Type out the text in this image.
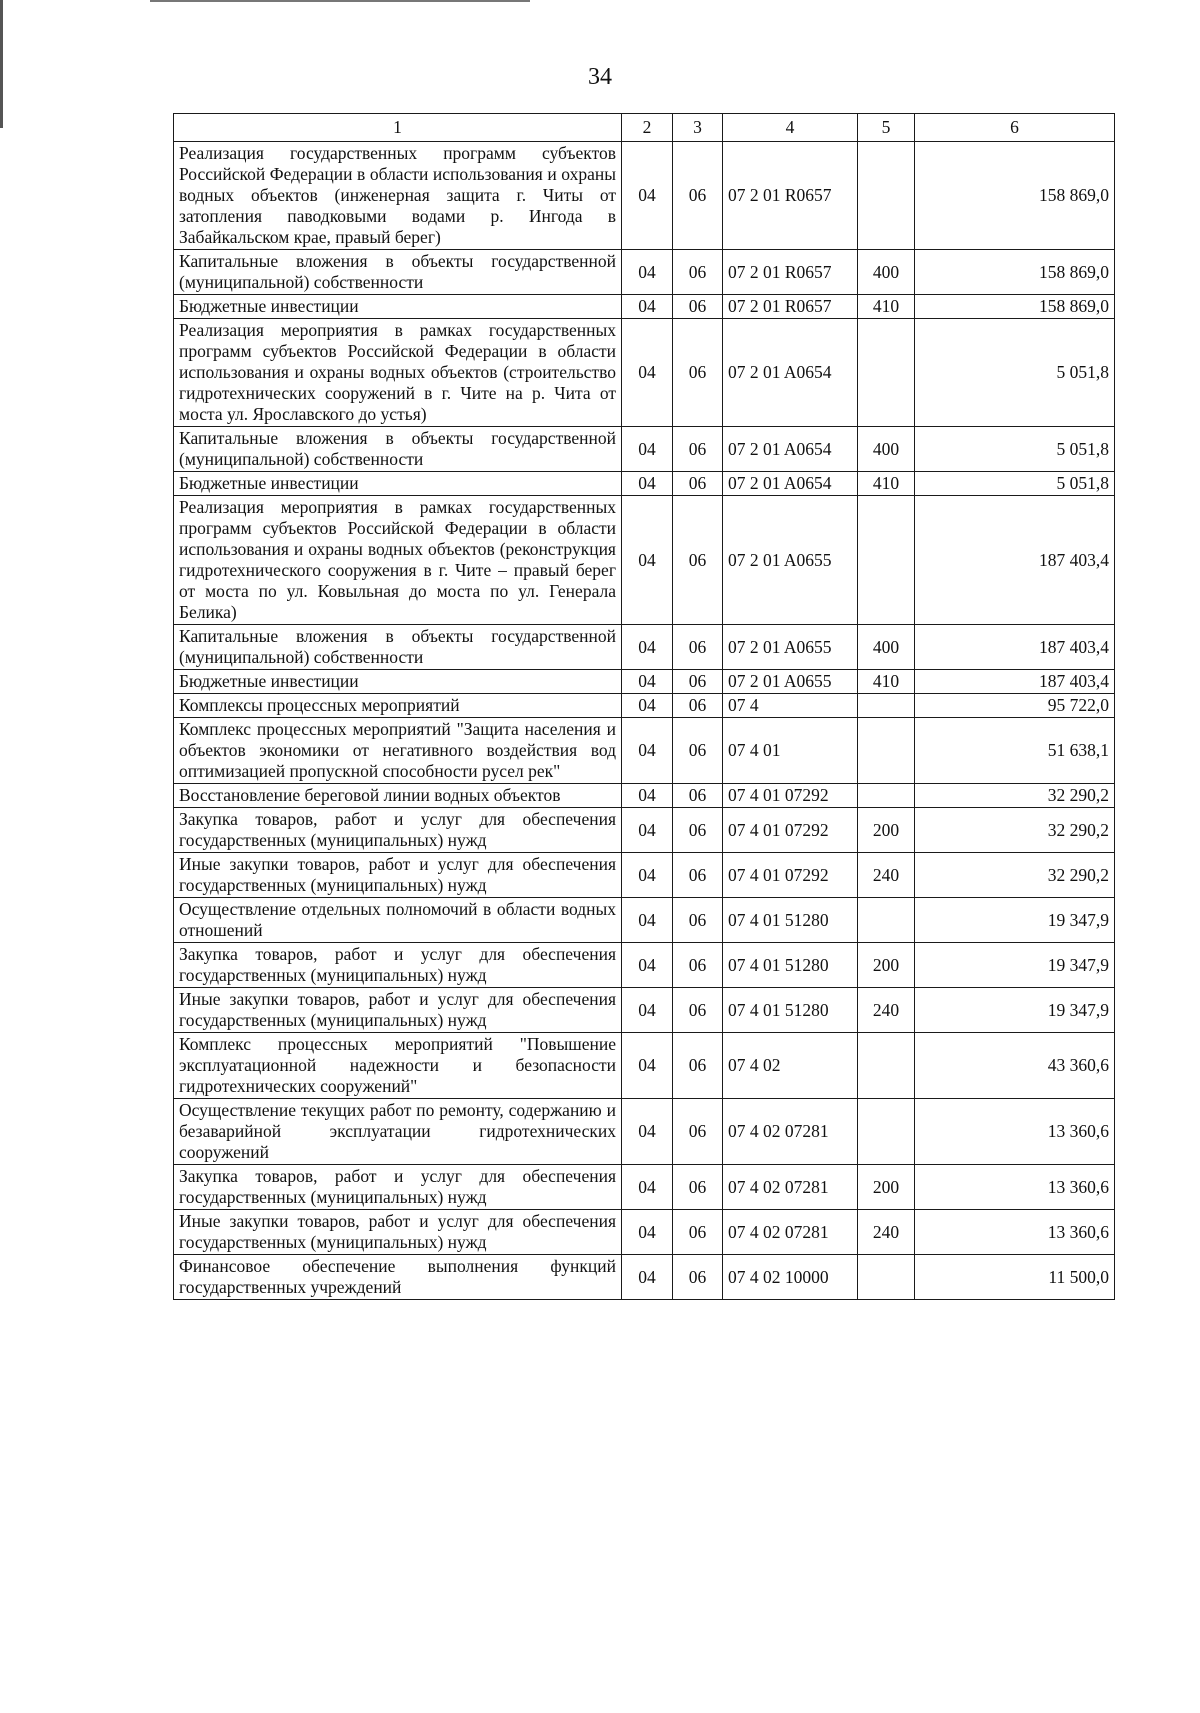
34
1	2	3	4	5	6
Реализация государственных программ субъектов Российской Федерации в области использования и охраны водных объектов (инженерная защита г. Читы от затопления паводковыми водами р. Ингода в Забайкальском крае, правый берег)	04	06	07 2 01 R0657		158 869,0
Капитальные вложения в объекты государственной (муниципальной) собственности	04	06	07 2 01 R0657	400	158 869,0
Бюджетные инвестиции	04	06	07 2 01 R0657	410	158 869,0
Реализация мероприятия в рамках государственных программ субъектов Российской Федерации в области использования и охраны водных объектов (строительство гидротехнических сооружений в г. Чите на р. Чита от моста ул. Ярославского до устья)	04	06	07 2 01 A0654		5 051,8
Капитальные вложения в объекты государственной (муниципальной) собственности	04	06	07 2 01 A0654	400	5 051,8
Бюджетные инвестиции	04	06	07 2 01 A0654	410	5 051,8
Реализация мероприятия в рамках государственных программ субъектов Российской Федерации в области использования и охраны водных объектов (реконструкция гидротехнического сооружения в г. Чите – правый берег от моста по ул. Ковыльная до моста по ул. Генерала Белика)	04	06	07 2 01 A0655		187 403,4
Капитальные вложения в объекты государственной (муниципальной) собственности	04	06	07 2 01 A0655	400	187 403,4
Бюджетные инвестиции	04	06	07 2 01 A0655	410	187 403,4
Комплексы процессных мероприятий	04	06	07 4		95 722,0
Комплекс процессных мероприятий "Защита населения и объектов экономики от негативного воздействия вод оптимизацией пропускной способности русел рек"	04	06	07 4 01		51 638,1
Восстановление береговой линии водных объектов	04	06	07 4 01 07292		32 290,2
Закупка товаров, работ и услуг для обеспечения государственных (муниципальных) нужд	04	06	07 4 01 07292	200	32 290,2
Иные закупки товаров, работ и услуг для обеспечения государственных (муниципальных) нужд	04	06	07 4 01 07292	240	32 290,2
Осуществление отдельных полномочий в области водных отношений	04	06	07 4 01 51280		19 347,9
Закупка товаров, работ и услуг для обеспечения государственных (муниципальных) нужд	04	06	07 4 01 51280	200	19 347,9
Иные закупки товаров, работ и услуг для обеспечения государственных (муниципальных) нужд	04	06	07 4 01 51280	240	19 347,9
Комплекс процессных мероприятий "Повышение эксплуатационной надежности и безопасности гидротехнических сооружений"	04	06	07 4 02		43 360,6
Осуществление текущих работ по ремонту, содержанию и безаварийной эксплуатации гидротехнических сооружений	04	06	07 4 02 07281		13 360,6
Закупка товаров, работ и услуг для обеспечения государственных (муниципальных) нужд	04	06	07 4 02 07281	200	13 360,6
Иные закупки товаров, работ и услуг для обеспечения государственных (муниципальных) нужд	04	06	07 4 02 07281	240	13 360,6
Финансовое обеспечение выполнения функций государственных учреждений	04	06	07 4 02 10000		11 500,0
